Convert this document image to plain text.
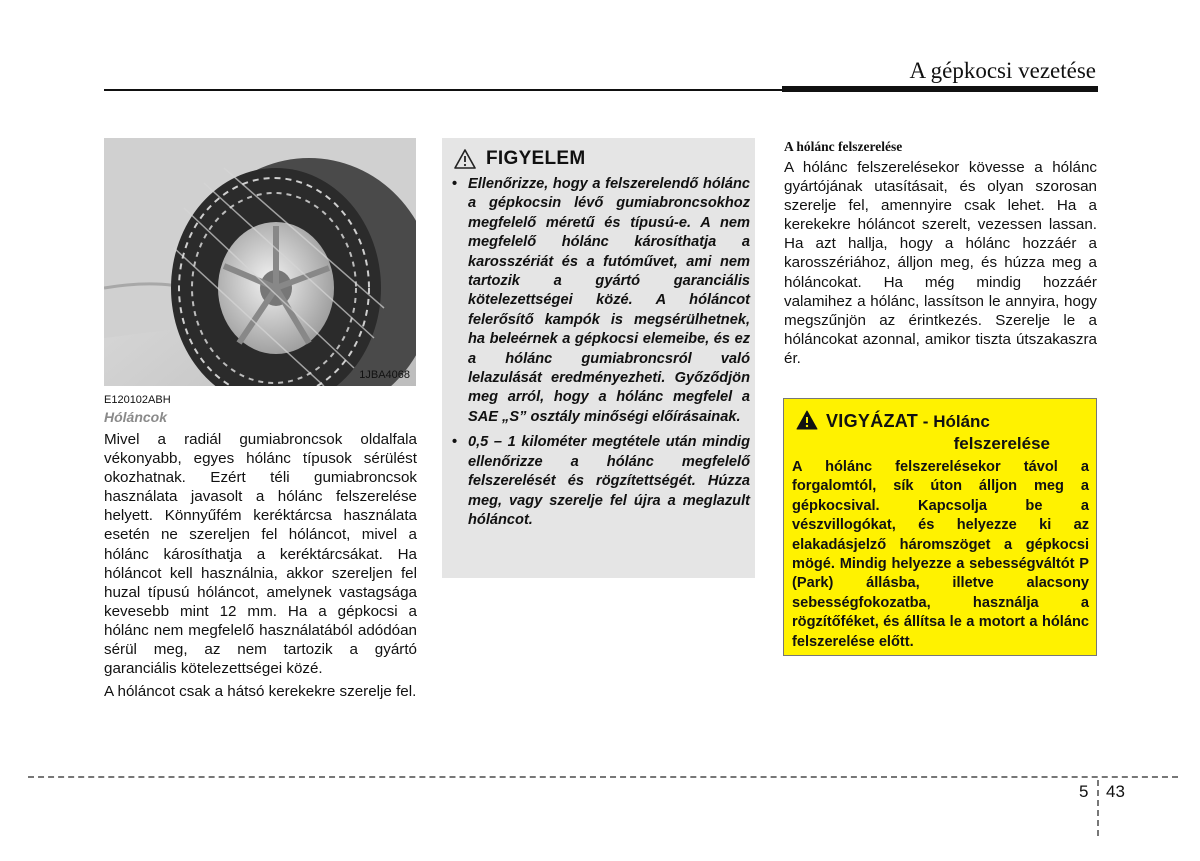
A gépkocsi vezetése
1JBA4068
E120102ABH
Hóláncok

Mivel a radiál gumiabroncsok oldalfala vékonyabb, egyes hólánc típusok sérülést okozhatnak. Ezért téli gumiabroncsok használata javasolt a hólánc felszerelése helyett. Könnyűfém keréktárcsa használata esetén ne szereljen fel hóláncot, mivel a hólánc károsíthatja a keréktárcsákat. Ha hóláncot kell használnia, akkor szereljen fel huzal típusú hóláncot, amelynek vastagsága kevesebb mint 12 mm. Ha a gépkocsi a hólánc nem megfelelő használatából adódóan sérül meg, az nem tartozik a gyártó garanciális kötelezettségei közé.

A hóláncot csak a hátsó kerekekre szerelje fel.

FIGYELEM
• Ellenőrizze, hogy a felszerelendő hólánc a gépkocsin lévő gumiabroncsokhoz megfelelő méretű és típusú-e. A nem megfelelő hólánc károsíthatja a karosszériát és a futóművet, ami nem tartozik a gyártó garanciális kötelezettségei közé. A hóláncot felerősítő kampók is megsérülhetnek, ha beleérnek a gépkocsi elemeibe, és ez a hólánc gumiabroncsról való lelazulását eredményezheti. Győződjön meg arról, hogy a hólánc megfelel a SAE „S” osztály minőségi előírásainak.
• 0,5 – 1 kilométer megtétele után mindig ellenőrizze a hólánc megfelelő felszerelését és rögzítettségét. Húzza meg, vagy szerelje fel újra a meglazult hóláncot.
A hólánc felszerelése

A hólánc felszerelésekor kövesse a hólánc gyártójának utasításait, és olyan szorosan szerelje fel, amennyire csak lehet. Ha a kerekekre hóláncot szerelt, vezessen lassan. Ha azt hallja, hogy a hólánc hozzáér a karosszériához, álljon meg, és húzza meg a hóláncokat. Ha még mindig hozzáér valamihez a hólánc, lassítson le annyira, hogy megszűnjön az érintkezés. Szerelje le a hóláncokat azonnal, amikor tiszta útszakaszra ér.

VIGYÁZAT - Hólánc
felszerelése

A hólánc felszerelésekor távol a forgalomtól, sík úton álljon meg a gépkocsival. Kapcsolja be a vészvillogókat, és helyezze ki az elakadásjelző háromszöget a gépkocsi mögé. Mindig helyezze a sebességváltót P (Park) állásba, illetve alacsony sebességfokozatba, használja a rögzítőféket, és állítsa le a motort a hólánc felszerelése előtt.

5 43
